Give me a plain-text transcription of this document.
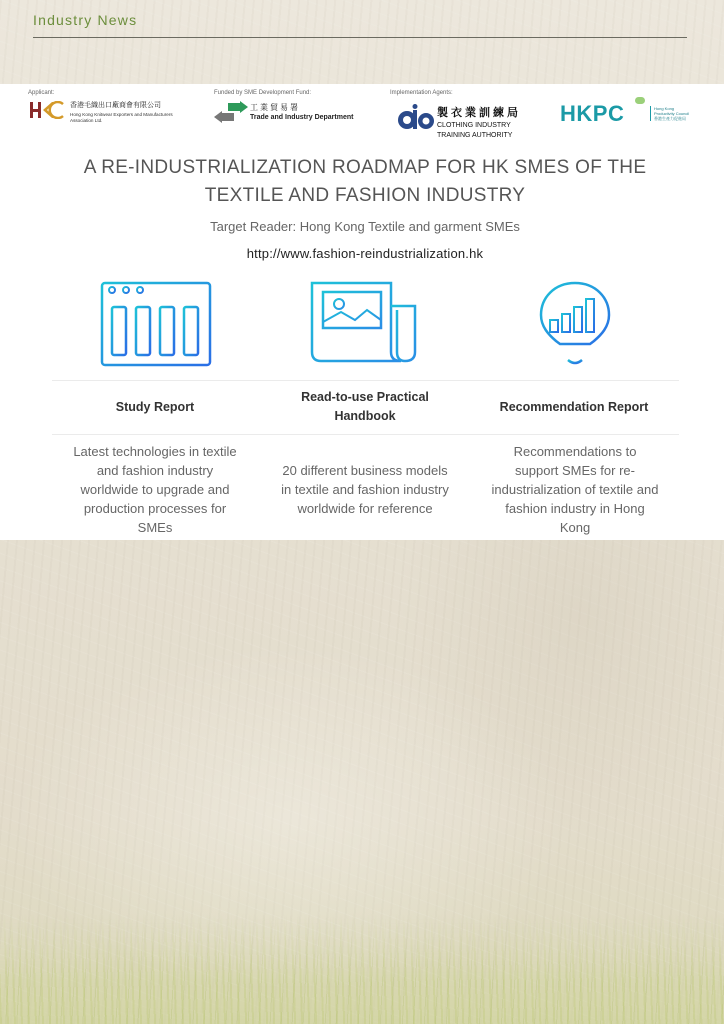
Industry News
Applicant:
香港毛織出口廠商會有限公司
Hong Kong Knitwear Exporters and Manufacturers Association Ltd.
Funded by SME Development Fund:
工業貿易署
Trade and Industry Department
Implementation Agents:
製衣業訓練局
CLOTHING INDUSTRY
TRAINING AUTHORITY
HKPC	Hong Kong Productivity Council 香港生產力促進局
A RE-INDUSTRIALIZATION ROADMAP FOR HK SMES OF THE
TEXTILE AND FASHION INDUSTRY
Target Reader: Hong Kong Textile and garment SMEs
http://www.fashion-reindustrialization.hk
Study Report
Read-to-use Practical
Handbook
Recommendation Report
Latest technologies in textile
and fashion industry
worldwide to upgrade and
production processes for
SMEs
20 different business models
in textile and fashion industry
worldwide for reference
Recommendations to
support SMEs for re-
industrialization of textile and
fashion industry in Hong
Kong
